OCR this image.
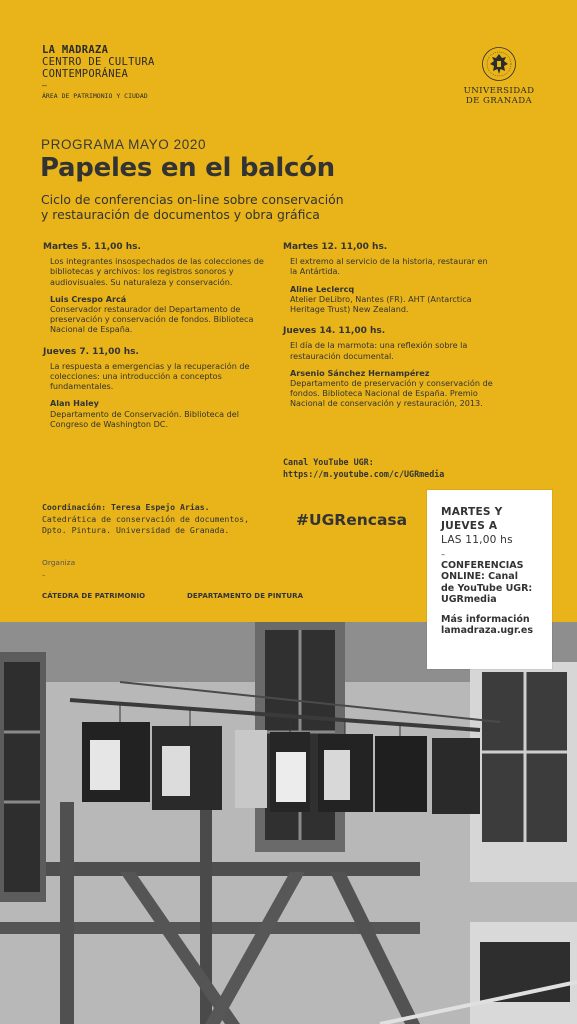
LA MADRAZA
CENTRO DE CULTURA
CONTEMPORÁNEA
–
ÁREA DE PATRIMONIO Y CIUDAD	UNIVERSIDAD
DE GRANADA
PROGRAMA MAYO 2020
Papeles en el balcón
Ciclo de conferencias on-line sobre conservación
y restauración de documentos y obra gráfica
Martes 5. 11,00 hs.
Los integrantes insospechados de las colecciones de bibliotecas y archivos: los registros sonoros y audiovisuales. Su naturaleza y conservación.
Luis Crespo Arcá
Conservador restaurador del Departamento de preservación y conservación de fondos. Biblioteca Nacional de España.
Jueves 7. 11,00 hs.
La respuesta a emergencias y la recuperación de colecciones: una introducción a conceptos fundamentales.
Alan Haley
Departamento de Conservación. Biblioteca del Congreso de Washington DC.
Martes 12. 11,00 hs.
El extremo al servicio de la historia, restaurar en la Antártida.
Aline Leclercq
Atelier DeLibro, Nantes (FR). AHT (Antarctica Heritage Trust) New Zealand.
Jueves 14. 11,00 hs.
El día de la marmota: una reflexión sobre la restauración documental.
Arsenio Sánchez Hernampérez
Departamento de preservación y conservación de fondos. Biblioteca Nacional de España. Premio Nacional de conservación y restauración, 2013.
Canal YouTube UGR:
https://m.youtube.com/c/UGRmedia
Coordinación: Teresa Espejo Arias.
Catedrática de conservación de documentos,
Dpto. Pintura. Universidad de Granada.
#UGRencasa
Organiza
–
CÁTEDRA DE PATRIMONIO	DEPARTAMENTO DE PINTURA
MARTES Y
JUEVES A
LAS 11,00 hs
–
CONFERENCIAS
ONLINE: Canal
de YouTube UGR:
UGRmedia
Más información
lamadraza.ugr.es
